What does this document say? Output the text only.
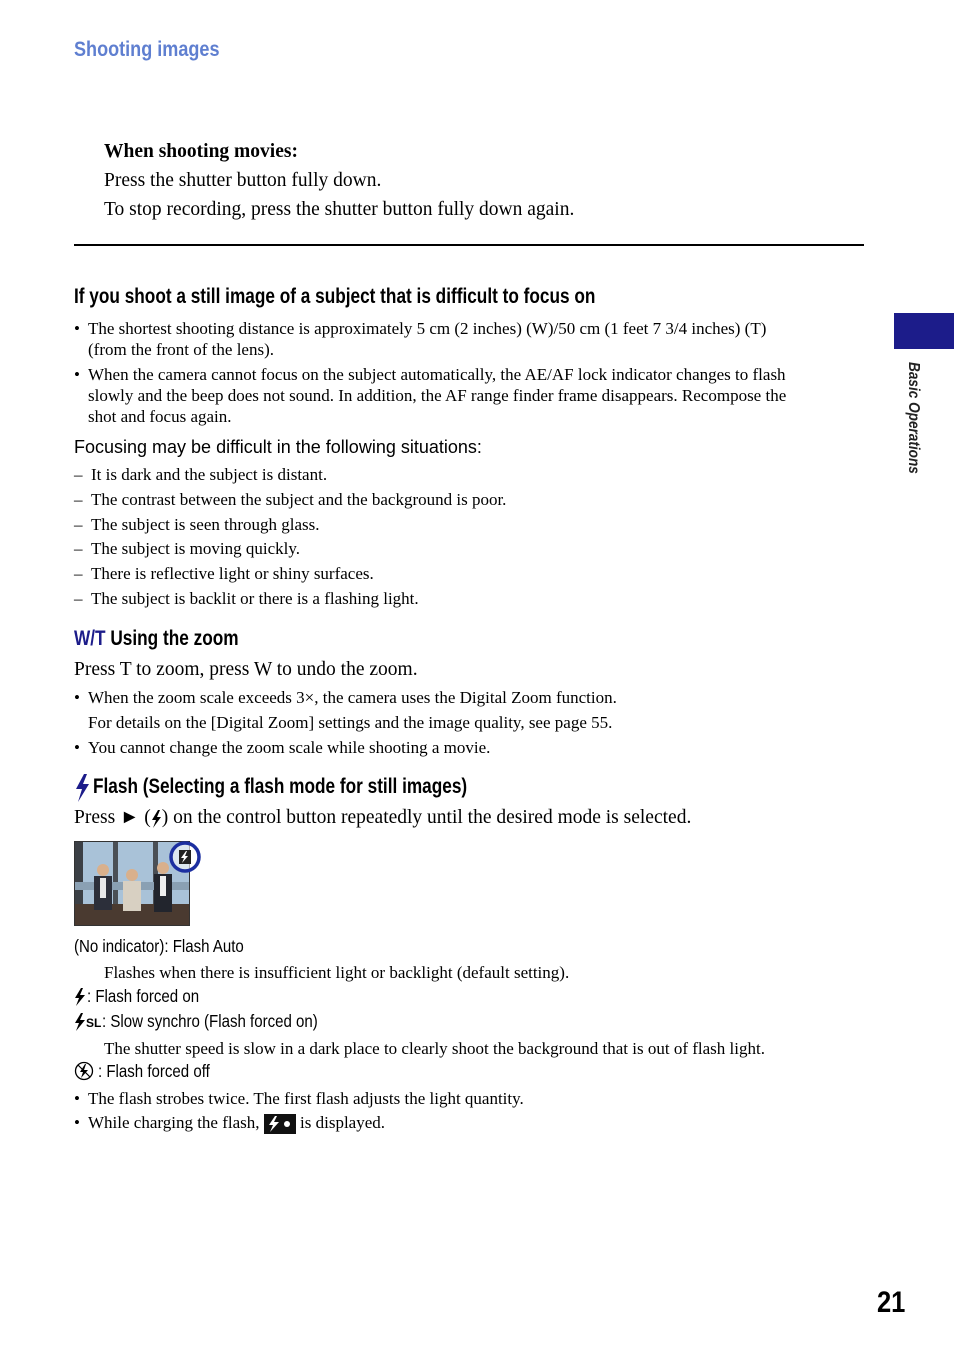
Shooting images
When shooting movies:
Press the shutter button fully down.
To stop recording, press the shutter button fully down again.
If you shoot a still image of a subject that is difficult to focus on
• The shortest shooting distance is approximately 5 cm (2 inches) (W)/50 cm (1 feet 7 3/4 inches) (T)
(from the front of the lens).
• When the camera cannot focus on the subject automatically, the AE/AF lock indicator changes to flash
slowly and the beep does not sound. In addition, the AF range finder frame disappears. Recompose the
shot and focus again.
Focusing may be difficult in the following situations:
–  It is dark and the subject is distant.
–  The contrast between the subject and the background is poor.
–  The subject is seen through glass.
–  The subject is moving quickly.
–  There is reflective light or shiny surfaces.
–  The subject is backlit or there is a flashing light.
W/T Using the zoom
Press T to zoom, press W to undo the zoom.
• When the zoom scale exceeds 3×, the camera uses the Digital Zoom function.
For details on the [Digital Zoom] settings and the image quality, see page 55.
• You cannot change the zoom scale while shooting a movie.
Flash (Selecting a flash mode for still images)
Press ► ( ) on the control button repeatedly until the desired mode is selected.
(No indicator): Flash Auto
Flashes when there is insufficient light or backlight (default setting).
: Flash forced on
SL : Slow synchro (Flash forced on)
The shutter speed is slow in a dark place to clearly shoot the background that is out of flash light.
: Flash forced off
• The flash strobes twice. The first flash adjusts the light quantity.
• While charging the flash, is displayed.
Basic Operations
21
